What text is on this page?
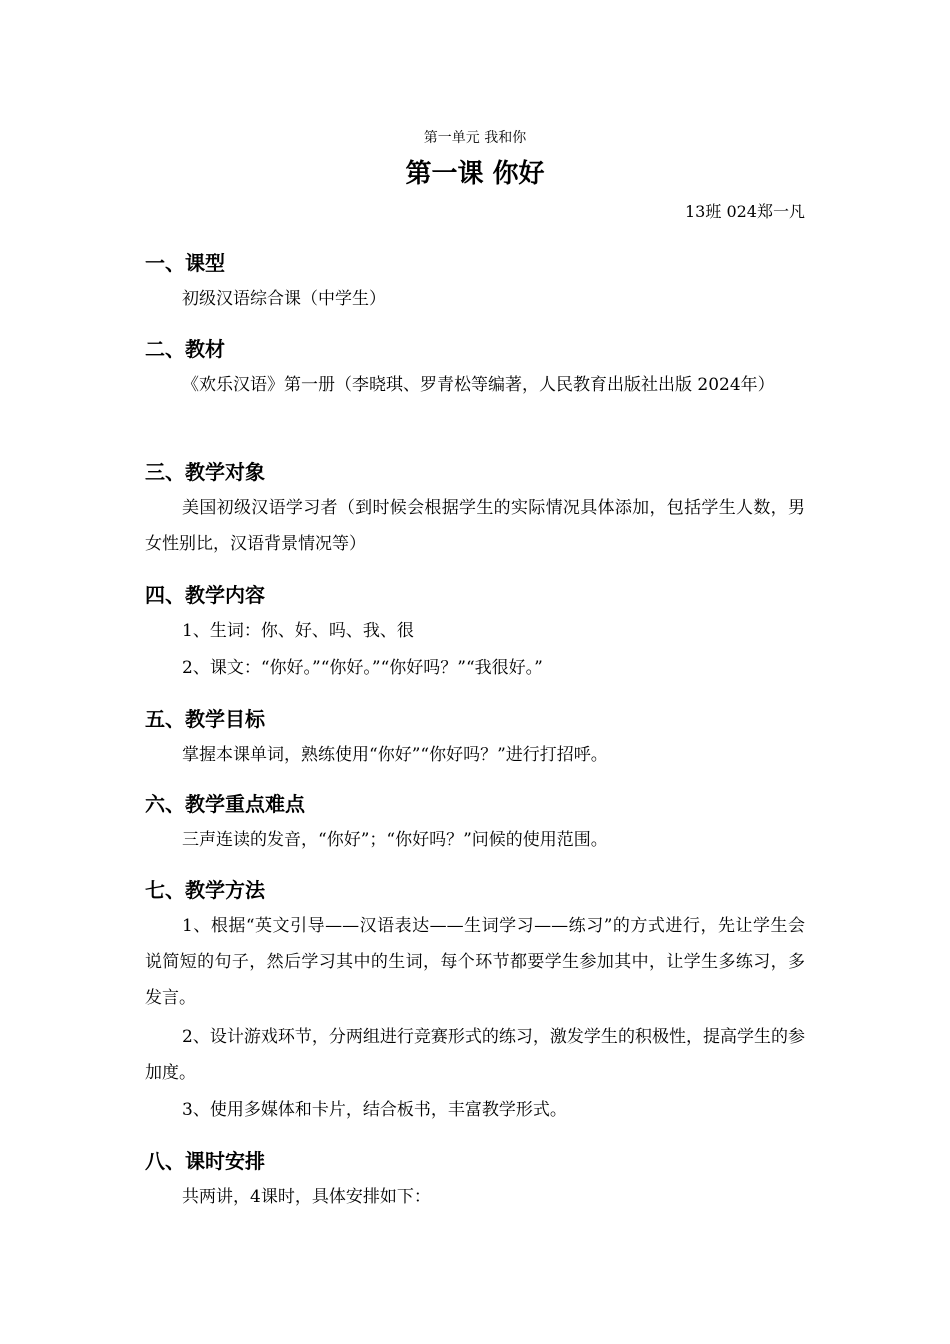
第一单元 我和你
第一课 你好
13班 024郑一凡
一、课型
初级汉语综合课（中学生）
二、教材
《欢乐汉语》第一册（李晓琪、罗青松等编著，人民教育出版社出版 2024年）
三、教学对象
美国初级汉语学习者（到时候会根据学生的实际情况具体添加，包括学生人数，男女性别比，汉语背景情况等）
四、教学内容
1、生词：你、好、吗、我、很
2、课文：“你好。”“你好。”“你好吗？”“我很好。”
五、教学目标
掌握本课单词，熟练使用“你好”“你好吗？”进行打招呼。
六、教学重点难点
三声连读的发音，“你好”；“你好吗？”问候的使用范围。
七、教学方法
1、根据“英文引导——汉语表达——生词学习——练习”的方式进行，先让学生会说简短的句子，然后学习其中的生词，每个环节都要学生参加其中，让学生多练习，多发言。
2、设计游戏环节，分两组进行竞赛形式的练习，激发学生的积极性，提高学生的参加度。
3、使用多媒体和卡片，结合板书，丰富教学形式。
八、课时安排
共两讲，4课时，具体安排如下：
